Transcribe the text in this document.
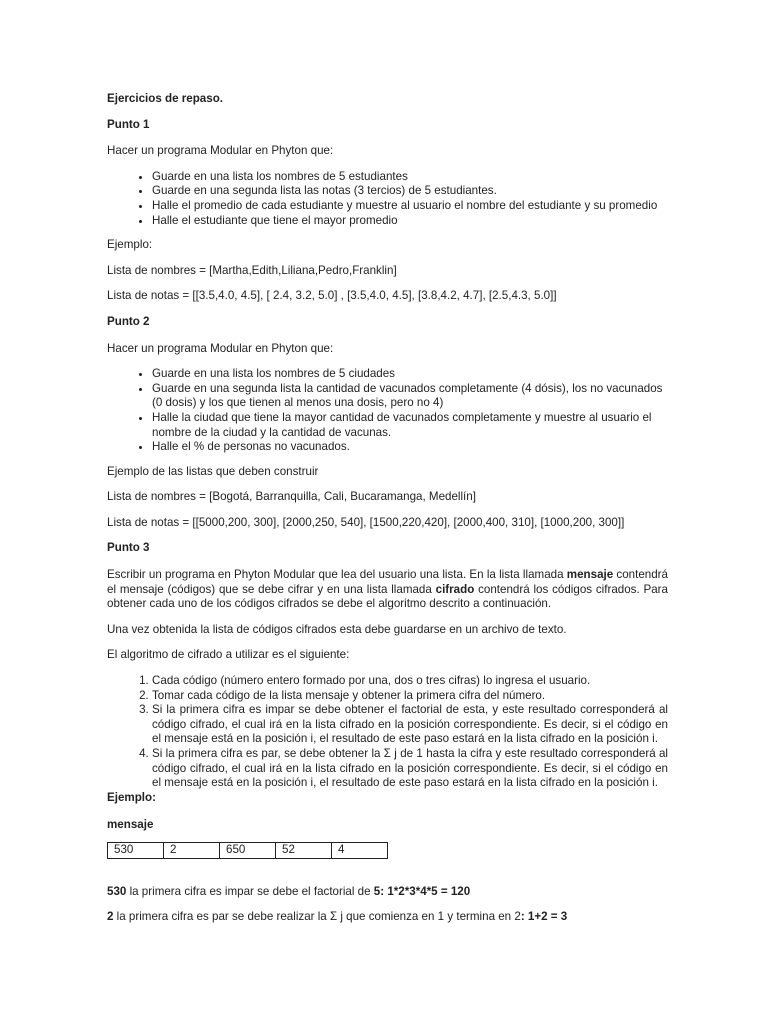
Ejercicios de repaso.

Punto 1

Hacer un programa Modular en Phyton que:

• Guarde en una lista los nombres de 5 estudiantes
• Guarde en una segunda lista las notas (3 tercios) de 5 estudiantes.
• Halle el promedio de cada estudiante y muestre al usuario el nombre del estudiante y su promedio
• Halle el estudiante que tiene el mayor promedio

Ejemplo:

Lista de nombres = [Martha,Edith,Liliana,Pedro,Franklin]

Lista de notas = [[3.5,4.0, 4.5], [ 2.4, 3.2, 5.0] , [3.5,4.0, 4.5], [3.8,4.2, 4.7], [2.5,4.3, 5.0]]

Punto 2

Hacer un programa Modular en Phyton que:

• Guarde en una lista los nombres de 5 ciudades
• Guarde en una segunda lista la cantidad de vacunados completamente (4 dósis), los no vacunados (0 dosis) y los que tienen al menos una dosis, pero no 4)
• Halle la ciudad que tiene la mayor cantidad de vacunados completamente y muestre al usuario el nombre de la ciudad y la cantidad de vacunas.
• Halle el % de personas no vacunados.

Ejemplo de las listas que deben construir

Lista de nombres = [Bogotá, Barranquilla, Cali, Bucaramanga, Medellín]

Lista de notas = [[5000,200, 300], [2000,250, 540], [1500,220,420], [2000,400, 310], [1000,200, 300]]

Punto 3

Escribir un programa en Phyton Modular que lea del usuario una lista. En la lista llamada mensaje contendrá el mensaje (códigos) que se debe cifrar y en una lista llamada cifrado contendrá los códigos cifrados. Para obtener cada uno de los códigos cifrados se debe el algoritmo descrito a continuación.

Una vez obtenida la lista de códigos cifrados esta debe guardarse en un archivo de texto.

El algoritmo de cifrado a utilizar es el siguiente:

1. Cada código (número entero formado por una, dos o tres cifras) lo ingresa el usuario.
2. Tomar cada código de la lista mensaje y obtener la primera cifra del número.
3. Si la primera cifra es impar se debe obtener el factorial de esta, y este resultado corresponderá al código cifrado, el cual irá en la lista cifrado en la posición correspondiente. Es decir, si el código en el mensaje está en la posición i, el resultado de este paso estará en la lista cifrado en la posición i.
4. Si la primera cifra es par, se debe obtener la Σ j de 1 hasta la cifra y este resultado corresponderá al código cifrado, el cual irá en la lista cifrado en la posición correspondiente. Es decir, si el código en el mensaje está en la posición i, el resultado de este paso estará en la lista cifrado en la posición i.

Ejemplo:

mensaje

530	2	650	52	4

530 la primera cifra es impar se debe el factorial de 5: 1*2*3*4*5 = 120

2 la primera cifra es par se debe realizar la Σ j que comienza en 1 y termina en 2: 1+2 = 3
